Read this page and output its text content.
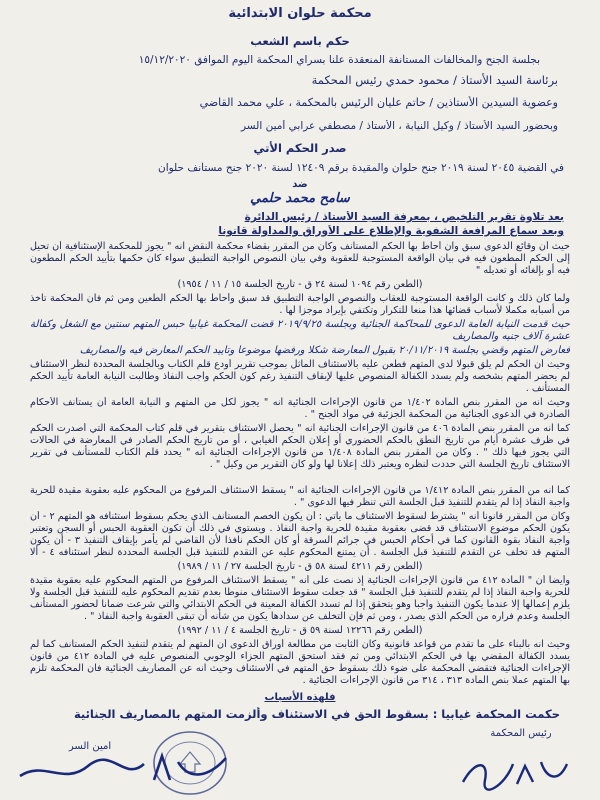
محكمة حلوان الابتدائية
حكم باسم الشعب
بجلسة الجنح والمخالفات المستأنفة المنعقدة علنا بسراي المحكمة اليوم الموافق ١٥/١٢/٢٠٢٠
برئاسة السيد الأستاذ / محمود حمدي رئيس المحكمة
وعضوية السيدين الأستاذين / حاتم عليان الرئيس بالمحكمة ، علي محمد القاضي
وبحضور السيد الأستاذ / وكيل النيابة ، الأستاذ / مصطفي عرابي أمين السر
صدر الحكم الأتي
في القضية ٢٠٤٥ لسنة ٢٠١٩ جنح حلوان والمقيدة برقم ١٢٤٠٩ لسنة ٢٠٢٠ جنح مستأنف حلوان
ضد
سامح محمد حلمي
بعد تلاوة تقرير التلخيص ، بمعرفة السيد الأستاذ / رئيس الدائرة
وبعد سماع المرافعة الشفوية والإطلاع على الأوراق والمداولة قانونا
حيث أن وقائع الدعوى سبق وان أحاط بها الحكم المستأنف وكان من المقرر بقضاء محكمة النقض انه " يجوز للمحكمة الإستئنافية أن تحيل إلى الحكم المطعون فيه في بيان الواقعة المستوجبة للعقوبة وفي بيان النصوص الواجبة التطبيق سواء كان حكمها بتأييد الحكم المطعون فيه أو بإلغائه أو تعديله "
(الطعن رقم ١٠٩٤ لسنة ٢٤ ق - تاريخ الجلسة ١٥ / ١١ / ١٩٥٤)
ولما كان ذلك و كانت الواقعة المستوجبة للعقاب والنصوص الواجبة التطبيق قد سبق وأحاط بها الحكم الطعين ومن ثم فان المحكمة تأخذ من أسبابه مكملا لأسباب قضائها هذا منعا للتكرار وتكتفي بإيراد موجزا لها .
حيث قدمت النيابة العامة الدعوى للمحاكمة الجنائية وبجلسة ٢٠١٩/٩/٢٥ قضت المحكمة غيابيا حبس المتهم سنتين مع الشغل وكفالة عشرة آلاف جنيه والمصاريف
فعارض المتهم وقضي بجلسة ٢٠/١١/٢٠١٩ بقبول المعارضة شكلا ورفضها موضوعا وتأييد الحكم المعارض فيه والمصاريف
وحيث أن الحكم لم يلق قبولا لدى المتهم فطعن عليه بالاستئناف الماثل بموجب تقرير أودع قلم الكتاب وبالجلسة المحددة لنظر الاستئناف لم يحضر المتهم بشخصه ولم يسدد الكفالة المنصوص عليها لإيقاف التنفيذ رغم كون الحكم واجب النفاذ وطالبت النيابة العامة تأييد الحكم المستأنف .
وحيث انه من المقرر بنص المادة ١/٤٠٢ من قانون الإجراءات الجنائية انه " يجوز لكل من المتهم و النيابة العامة أن يستأنف الأحكام الصادرة في الدعوى الجنائية من المحكمة الجزئية في مواد الجنح " .
كما انه من المقرر بنص المادة ٤٠٦ من قانون الإجراءات الجنائية انه " يحصل الاستئناف بتقرير في قلم كتاب المحكمة التي أصدرت الحكم في ظرف عشرة أيام من تاريخ النطق بالحكم الحضوري أو إعلان الحكم الغيابي ، أو من تاريخ الحكم الصادر في المعارضة في الحالات التي يجوز فيها ذلك " . وكان من المقرر بنص المادة ١/٤٠٨ من قانون الإجراءات الجنائية انه " يحدد قلم الكتاب للمستأنف في تقرير الاستئناف تاريخ الجلسة التي حددت لنظره ويعتبر ذلك إعلانا لها ولو كان التقرير من وكيل " .
كما انه من المقرر بنص المادة ١/٤١٢ من قانون الإجراءات الجنائية انه " يسقط الاستئناف المرفوع من المحكوم عليه بعقوبة مقيدة للحرية واجبة النفاذ إذا لم يتقدم للتنفيذ قبل الجلسة التي تنظر فيها الدعوى " .
وكان من المقرر قانونا أنه " يشترط لسقوط الاستئناف ما يأتي : أن يكون الخصم المستأنف الذي يحكم بسقوط استئنافه هو المتهم ٢ - أن يكون الحكم موضوع الاستئناف قد قضى بعقوبة مقيدة للحرية واجبة النفاذ . ويستوي في ذلك أن تكون العقوبة الحبس أو السجن وتعتبر واجبة النفاذ بقوة القانون كما في أحكام الحبس في جرائم السرقة أو كان الحكم نافذا لأن القاضي لم يأمر بإيقاف التنفيذ ٣ - أن يكون المتهم قد تخلف عن التقدم للتنفيذ قبل الجلسة . أن يمتنع المحكوم عليه عن التقدم للتنفيذ قبل الجلسة المحددة لنظر استئنافه ٤ - ألا
(الطعن رقم ٤٢١١ لسنة ٥٨ ق - تاريخ الجلسة ٢٧ / ١١ / ١٩٨٩)
وأيضا أن " المادة ٤١٢ من قانون الإجراءات الجنائية إذ نصت على أنه " يسقط الاستئناف المرفوع من المتهم المحكوم عليه بعقوبة مقيدة للحرية واجبة النفاذ إذا لم يتقدم للتنفيذ قبل الجلسة " قد جعلت سقوط الاستئناف منوطا بعدم تقديم المحكوم عليه للتنفيذ قبل الجلسة ولا يلزم إعمالها إلا عندما يكون التنفيذ واجبا وهو يتحقق إذا لم تسدد الكفالة المعينة في الحكم الابتدائي والتي شرعت ضمانا لحضور المستأنف الجلسة وعدم فراره من الحكم الذي يصدر ، ومن ثم فإن التخلف عن سدادها يكون من شأنه أن تبقى العقوبة واجبة النفاذ " .
(الطعن رقم ١٢٢٦٦ لسنة ٥٩ ق - تاريخ الجلسة ٤ / ١١ / ١٩٩٢)
وحيث انه بالبناء على ما تقدم من قواعد قانونية وكان الثابت من مطالعة أوراق الدعوى أن المتهم لم يتقدم لتنفيذ الحكم المستأنف كما لم يسدد الكفالة المقضي بها في الحكم الابتدائي ومن ثم فقد استحق المتهم الجزاء الوجوبي المنصوص عليه في المادة ٤١٢ من قانون الإجراءات الجنائية فتقضي المحكمة على ضوء ذلك بسقوط حق المتهم في الاستئناف وحيث انه عن المصاريف الجنائية فان المحكمة تلزم بها المتهم عملا بنص المادة ٣١٣ ، ٣١٤ من قانون الإجراءات الجنائية .
فلهذه الأسباب
حكمت المحكمة غيابيا : بسقوط الحق في الاستئناف وألزمت المتهم بالمصاريف الجنائية
أمين السر
رئيس المحكمة
